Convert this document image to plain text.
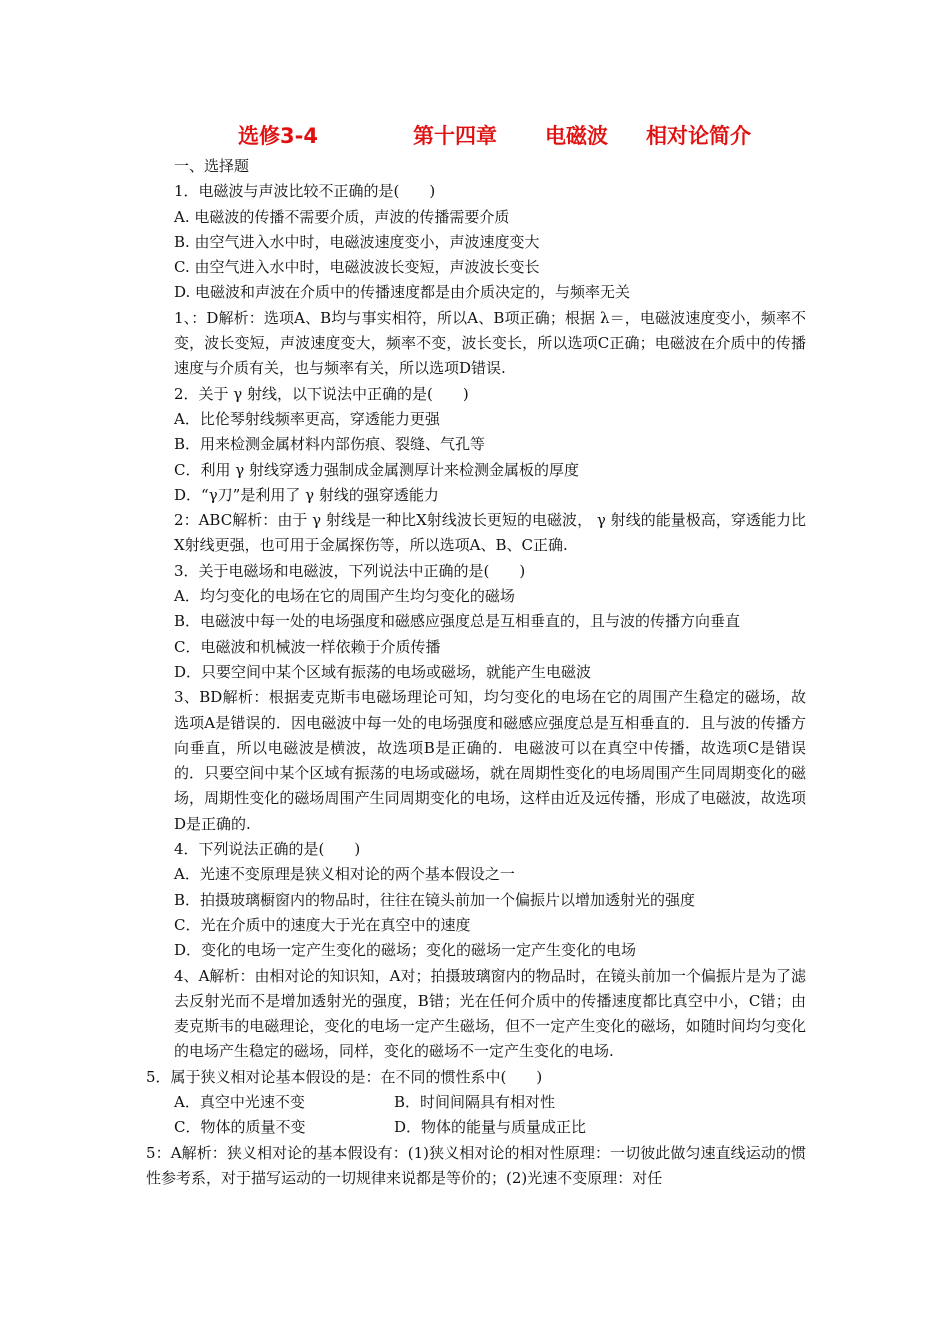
选修3-4	第十四章 电磁波 相对论简介

一、选择题

1．电磁波与声波比较不正确的是(　　)

A. 电磁波的传播不需要介质，声波的传播需要介质

B. 由空气进入水中时，电磁波速度变小，声波速度变大

C. 由空气进入水中时，电磁波波长变短，声波波长变长

D. 电磁波和声波在介质中的传播速度都是由介质决定的，与频率无关

1、：D解析：选项A、B均与事实相符，所以A、B项正确；根据 λ＝，电磁波速度变小，频率不变，波长变短，声波速度变大，频率不变，波长变长，所以选项C正确；电磁波在介质中的传播速度与介质有关，也与频率有关，所以选项D错误.

2．关于 γ 射线，以下说法中正确的是(　　)

A．比伦琴射线频率更高，穿透能力更强

B．用来检测金属材料内部伤痕、裂缝、气孔等

C．利用 γ 射线穿透力强制成金属测厚计来检测金属板的厚度

D．“γ刀”是利用了 γ 射线的强穿透能力

2：ABC解析：由于 γ 射线是一种比X射线波长更短的电磁波， γ 射线的能量极高，穿透能力比X射线更强，也可用于金属探伤等，所以选项A、B、C正确.

3．关于电磁场和电磁波，下列说法中正确的是(　　)

A．均匀变化的电场在它的周围产生均匀变化的磁场

B．电磁波中每一处的电场强度和磁感应强度总是互相垂直的，且与波的传播方向垂直

C．电磁波和机械波一样依赖于介质传播

D．只要空间中某个区域有振荡的电场或磁场，就能产生电磁波

3、BD解析：根据麦克斯韦电磁场理论可知，均匀变化的电场在它的周围产生稳定的磁场，故选项A是错误的．因电磁波中每一处的电场强度和磁感应强度总是互相垂直的．且与波的传播方向垂直，所以电磁波是横波，故选项B是正确的．电磁波可以在真空中传播，故选项C是错误的．只要空间中某个区域有振荡的电场或磁场，就在周期性变化的电场周围产生同周期变化的磁场，周期性变化的磁场周围产生同周期变化的电场，这样由近及远传播，形成了电磁波，故选项D是正确的.

4．下列说法正确的是(　　)

A．光速不变原理是狭义相对论的两个基本假设之一

B．拍摄玻璃橱窗内的物品时，往往在镜头前加一个偏振片以增加透射光的强度

C．光在介质中的速度大于光在真空中的速度

D．变化的电场一定产生变化的磁场；变化的磁场一定产生变化的电场

4、A解析：由相对论的知识知，A对；拍摄玻璃窗内的物品时，在镜头前加一个偏振片是为了滤去反射光而不是增加透射光的强度，B错；光在任何介质中的传播速度都比真空中小，C错；由麦克斯韦的电磁理论，变化的电场一定产生磁场，但不一定产生变化的磁场，如随时间均匀变化的电场产生稳定的磁场，同样，变化的磁场不一定产生变化的电场.

5．属于狭义相对论基本假设的是：在不同的惯性系中(　　)

A．真空中光速不变	B．时间间隔具有相对性

C．物体的质量不变	D．物体的能量与质量成正比

5：A解析：狭义相对论的基本假设有：(1)狭义相对论的相对性原理：一切彼此做匀速直线运动的惯性参考系，对于描写运动的一切规律来说都是等价的；(2)光速不变原理：对任
